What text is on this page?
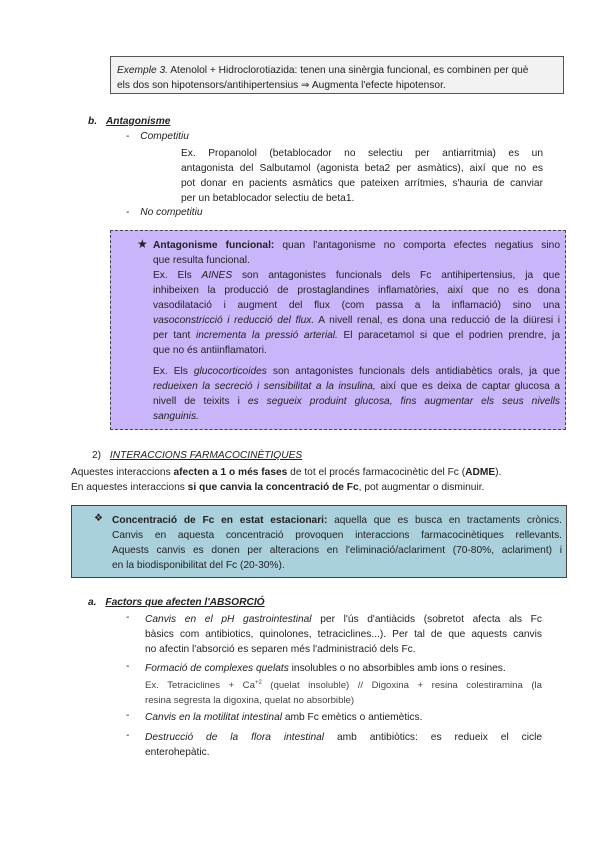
Exemple 3. Atenolol + Hidroclorotiazida: tenen una sinèrgia funcional, es combinen per què
els dos son hipotensors/antihipertensius ⇒ Augmenta l'efecte hipotensor.
b. Antagonisme
- Competitiu
Ex. Propanolol (betablocador no selectiu per antiarritmia) es un
antagonista del Salbutamol (agonista beta2 per asmàtics), així que no es
pot donar en pacients asmàtics que pateixen arrítmies, s'hauria de canviar
per un betablocador selectiu de beta1.
- No competitiu
★ Antagonisme funcional: quan l'antagonisme no comporta efectes negatius sino
que resulta funcional.
Ex. Els AINES son antagonistes funcionals dels Fc antihipertensius, ja que
inhibeixen la producció de prostaglandines inflamatòries, així que no es dona
vasodilatació i augment del flux (com passa a la inflamació) sino una
vasoconstricció i reducció del flux. A nivell renal, es dona una reducció de la diüresi i
per tant incrementa la pressió arterial. El paracetamol si que el podrien prendre, ja
que no és antiinflamatori.
Ex. Els glucocorticoides son antagonistes funcionals dels antidiabètics orals, ja que
redueixen la secreció i sensibilitat a la insulina, així que es deixa de captar glucosa a
nivell de teixits i es segueix produint glucosa, fins augmentar els seus nivells
sanguinis.
2) INTERACCIONS FARMACOCINÈTIQUES
Aquestes interaccions afecten a 1 o més fases de tot el procés farmacocinètic del Fc (ADME).
En aquestes interaccions si que canvia la concentració de Fc, pot augmentar o disminuir.
❖ Concentració de Fc en estat estacionari: aquella que es busca en tractaments crònics.
Canvis en aquesta concentració provoquen interaccions farmacocinètiques rellevants.
Aquests canvis es donen per alteracions en l'eliminació/aclariment (70-80%, aclariment) i
en la biodisponibilitat del Fc (20-30%).
a. Factors que afecten l'ABSORCIÓ
- Canvis en el pH gastrointestinal per l'ús d'antiàcids (sobretot afecta als Fc
bàsics com antibiotics, quinolones, tetraciclines...). Per tal de que aquests canvis
no afectin l'absorció es separen més l'administració dels Fc.
- Formació de complexes quelats insolubles o no absorbibles amb ions o resines.
Ex. Tetraciclines + $Ca^{+2}$ (quelat insoluble) // Digoxina + resina colestiramina (la
resina segresta la digoxina, quelat no absorbible)
- Canvis en la motilitat intestinal amb Fc emètics o antiemètics.
- Destrucció de la flora intestinal amb antibiòtics: es redueix el cicle
enterohepàtic.
